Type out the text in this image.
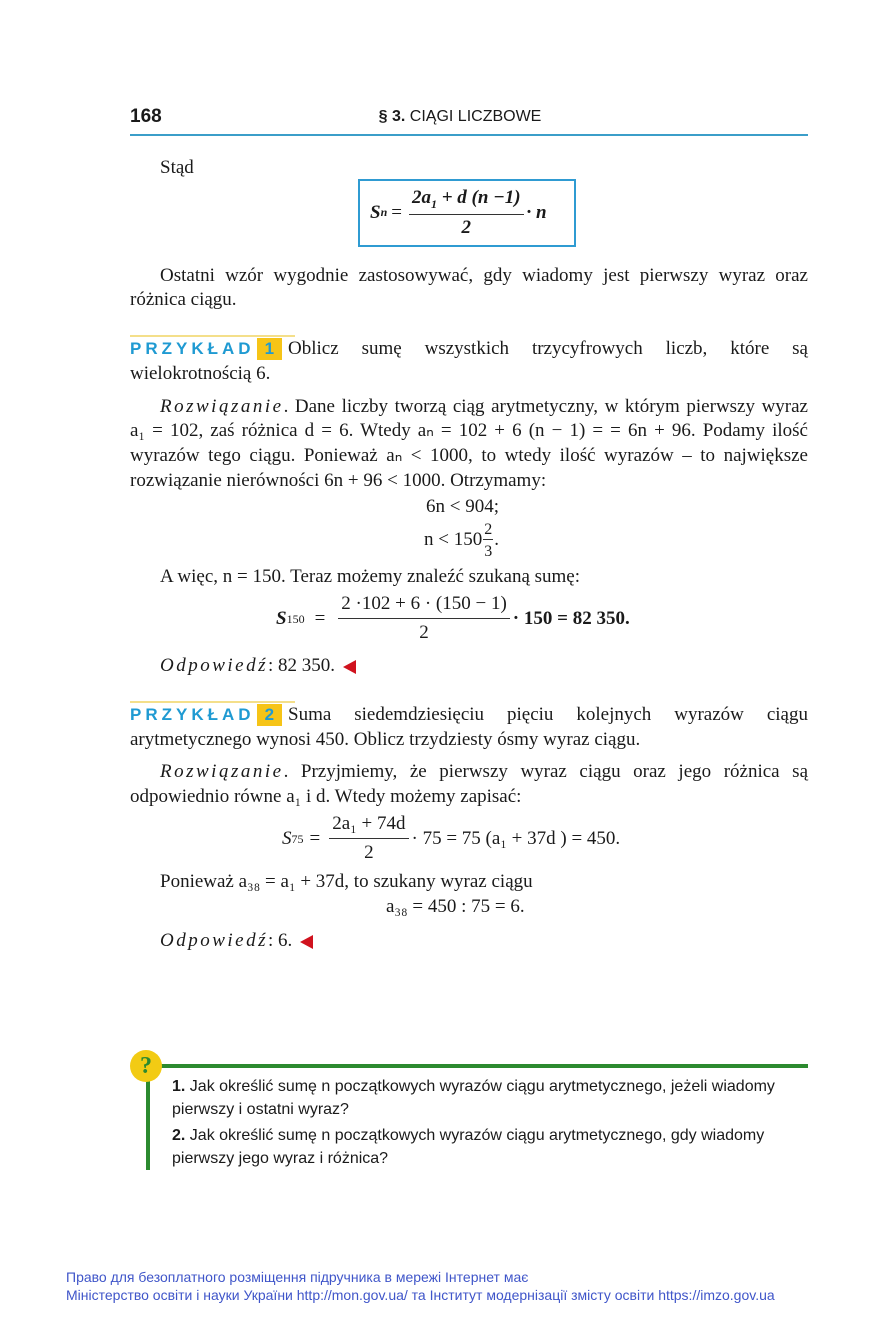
168	§ 3. CIĄGI LICZBOWE
Stąd
S $n = \frac{2a_1 + d (n -1)}{2} \cdot n$
Ostatni wzór wygodnie zastosowywać, gdy wiadomy jest pierwszy wyraz oraz różnica ciągu.
PRZYKŁAD 1 Oblicz sumę wszystkich trzycyfrowych liczb, które są wielokrotnością 6.
Rozwiązanie. Dane liczby tworzą ciąg arytmetyczny, w którym pierwszy wyraz a₁ = 102, zaś różnica d = 6. Wtedy aₙ = 102 + 6 (n − 1) = = 6n + 96. Podamy ilość wyrazów tego ciągu. Ponieważ aₙ < 1000, to wtedy ilość wyrazów – to największe rozwiązanie nierówności 6n + 96 < 1000. Otrzymamy:
6n < 904;
$n < 150 \frac{2}{3}$ .
A więc, n = 150. Teraz możemy znaleźć szukaną sumę:
S $150 = \frac{2 \cdot 102 + 6 \cdot (150 - 1)}{2} \cdot 150 = 82$ 350.
Odpowiedź: 82 350.
PRZYKŁAD 2 Suma siedemdziesięciu pięciu kolejnych wyrazów ciągu arytmetycznego wynosi 450. Oblicz trzydziesty ósmy wyraz ciągu.
Rozwiązanie. Przyjmiemy, że pierwszy wyraz ciągu oraz jego różnica są odpowiednio równe a₁ i d. Wtedy możemy zapisać:
S $75 = \frac{\text{2a₁ + 74d}}{2} \cdot 75 = 75$ (a₁ + 37d ) = 450.
Ponieważ a₃₈ = a₁ + 37d, to szukany wyraz ciągu
a₃₈ = 450 : 75 = 6.
Odpowiedź: 6.
?
1. Jak określić sumę n początkowych wyrazów ciągu arytmetycznego, jeżeli wiadomy pierwszy i ostatni wyraz?
2. Jak określić sumę n początkowych wyrazów ciągu arytmetycznego, gdy wiadomy pierwszy jego wyraz i różnica?
Право для безоплатного розміщення підручника в мережі Інтернет має
Міністерство освіти і науки України http://mon.gov.ua/ та Інститут модернізації змісту освіти https://imzo.gov.ua
